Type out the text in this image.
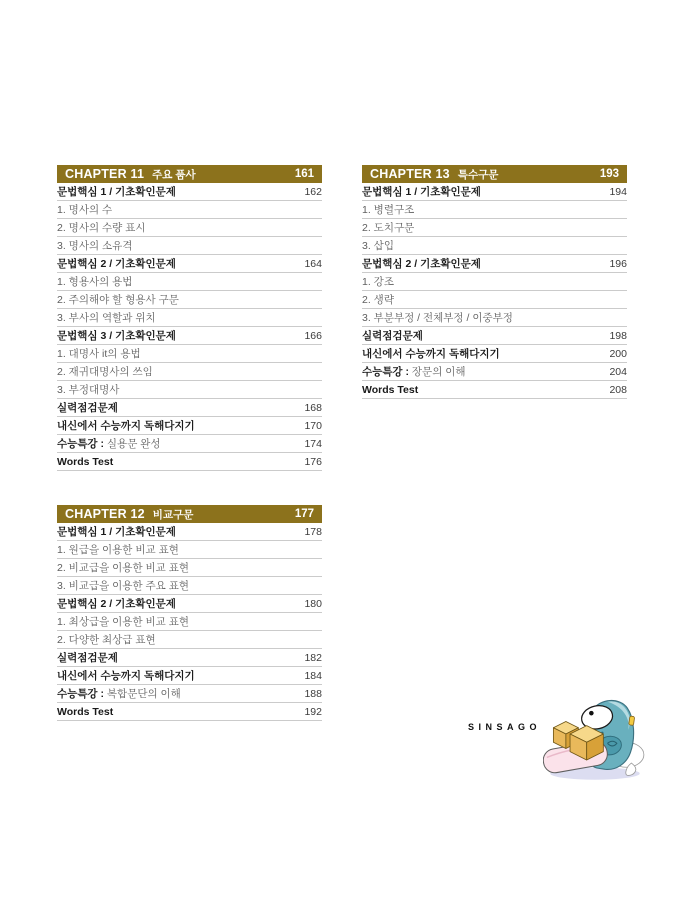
CHAPTER 11 주요 품사	161
문법핵심 1 / 기초확인문제	162
1. 명사의 수
2. 명사의 수량 표시
3. 명사의 소유격
문법핵심 2 / 기초확인문제	164
1. 형용사의 용법
2. 주의해야 할 형용사 구문
3. 부사의 역할과 위치
문법핵심 3 / 기초확인문제	166
1. 대명사 it의 용법
2. 재귀대명사의 쓰임
3. 부정대명사
실력점검문제	168
내신에서 수능까지 독해다지기	170
수능특강 : 실용문 완성	174
Words Test	176
CHAPTER 12 비교구문	177
문법핵심 1 / 기초확인문제	178
1. 원급을 이용한 비교 표현
2. 비교급을 이용한 비교 표현
3. 비교급을 이용한 주요 표현
문법핵심 2 / 기초확인문제	180
1. 최상급을 이용한 비교 표현
2. 다양한 최상급 표현
실력점검문제	182
내신에서 수능까지 독해다지기	184
수능특강 : 복합문단의 이해	188
Words Test	192
CHAPTER 13 특수구문	193
문법핵심 1 / 기초확인문제	194
1. 병렬구조
2. 도치구문
3. 삽입
문법핵심 2 / 기초확인문제	196
1. 강조
2. 생략
3. 부분부정 / 전체부정 / 이중부정
실력점검문제	198
내신에서 수능까지 독해다지기	200
수능특강 : 장문의 이해	204
Words Test	208
SINSAGO
